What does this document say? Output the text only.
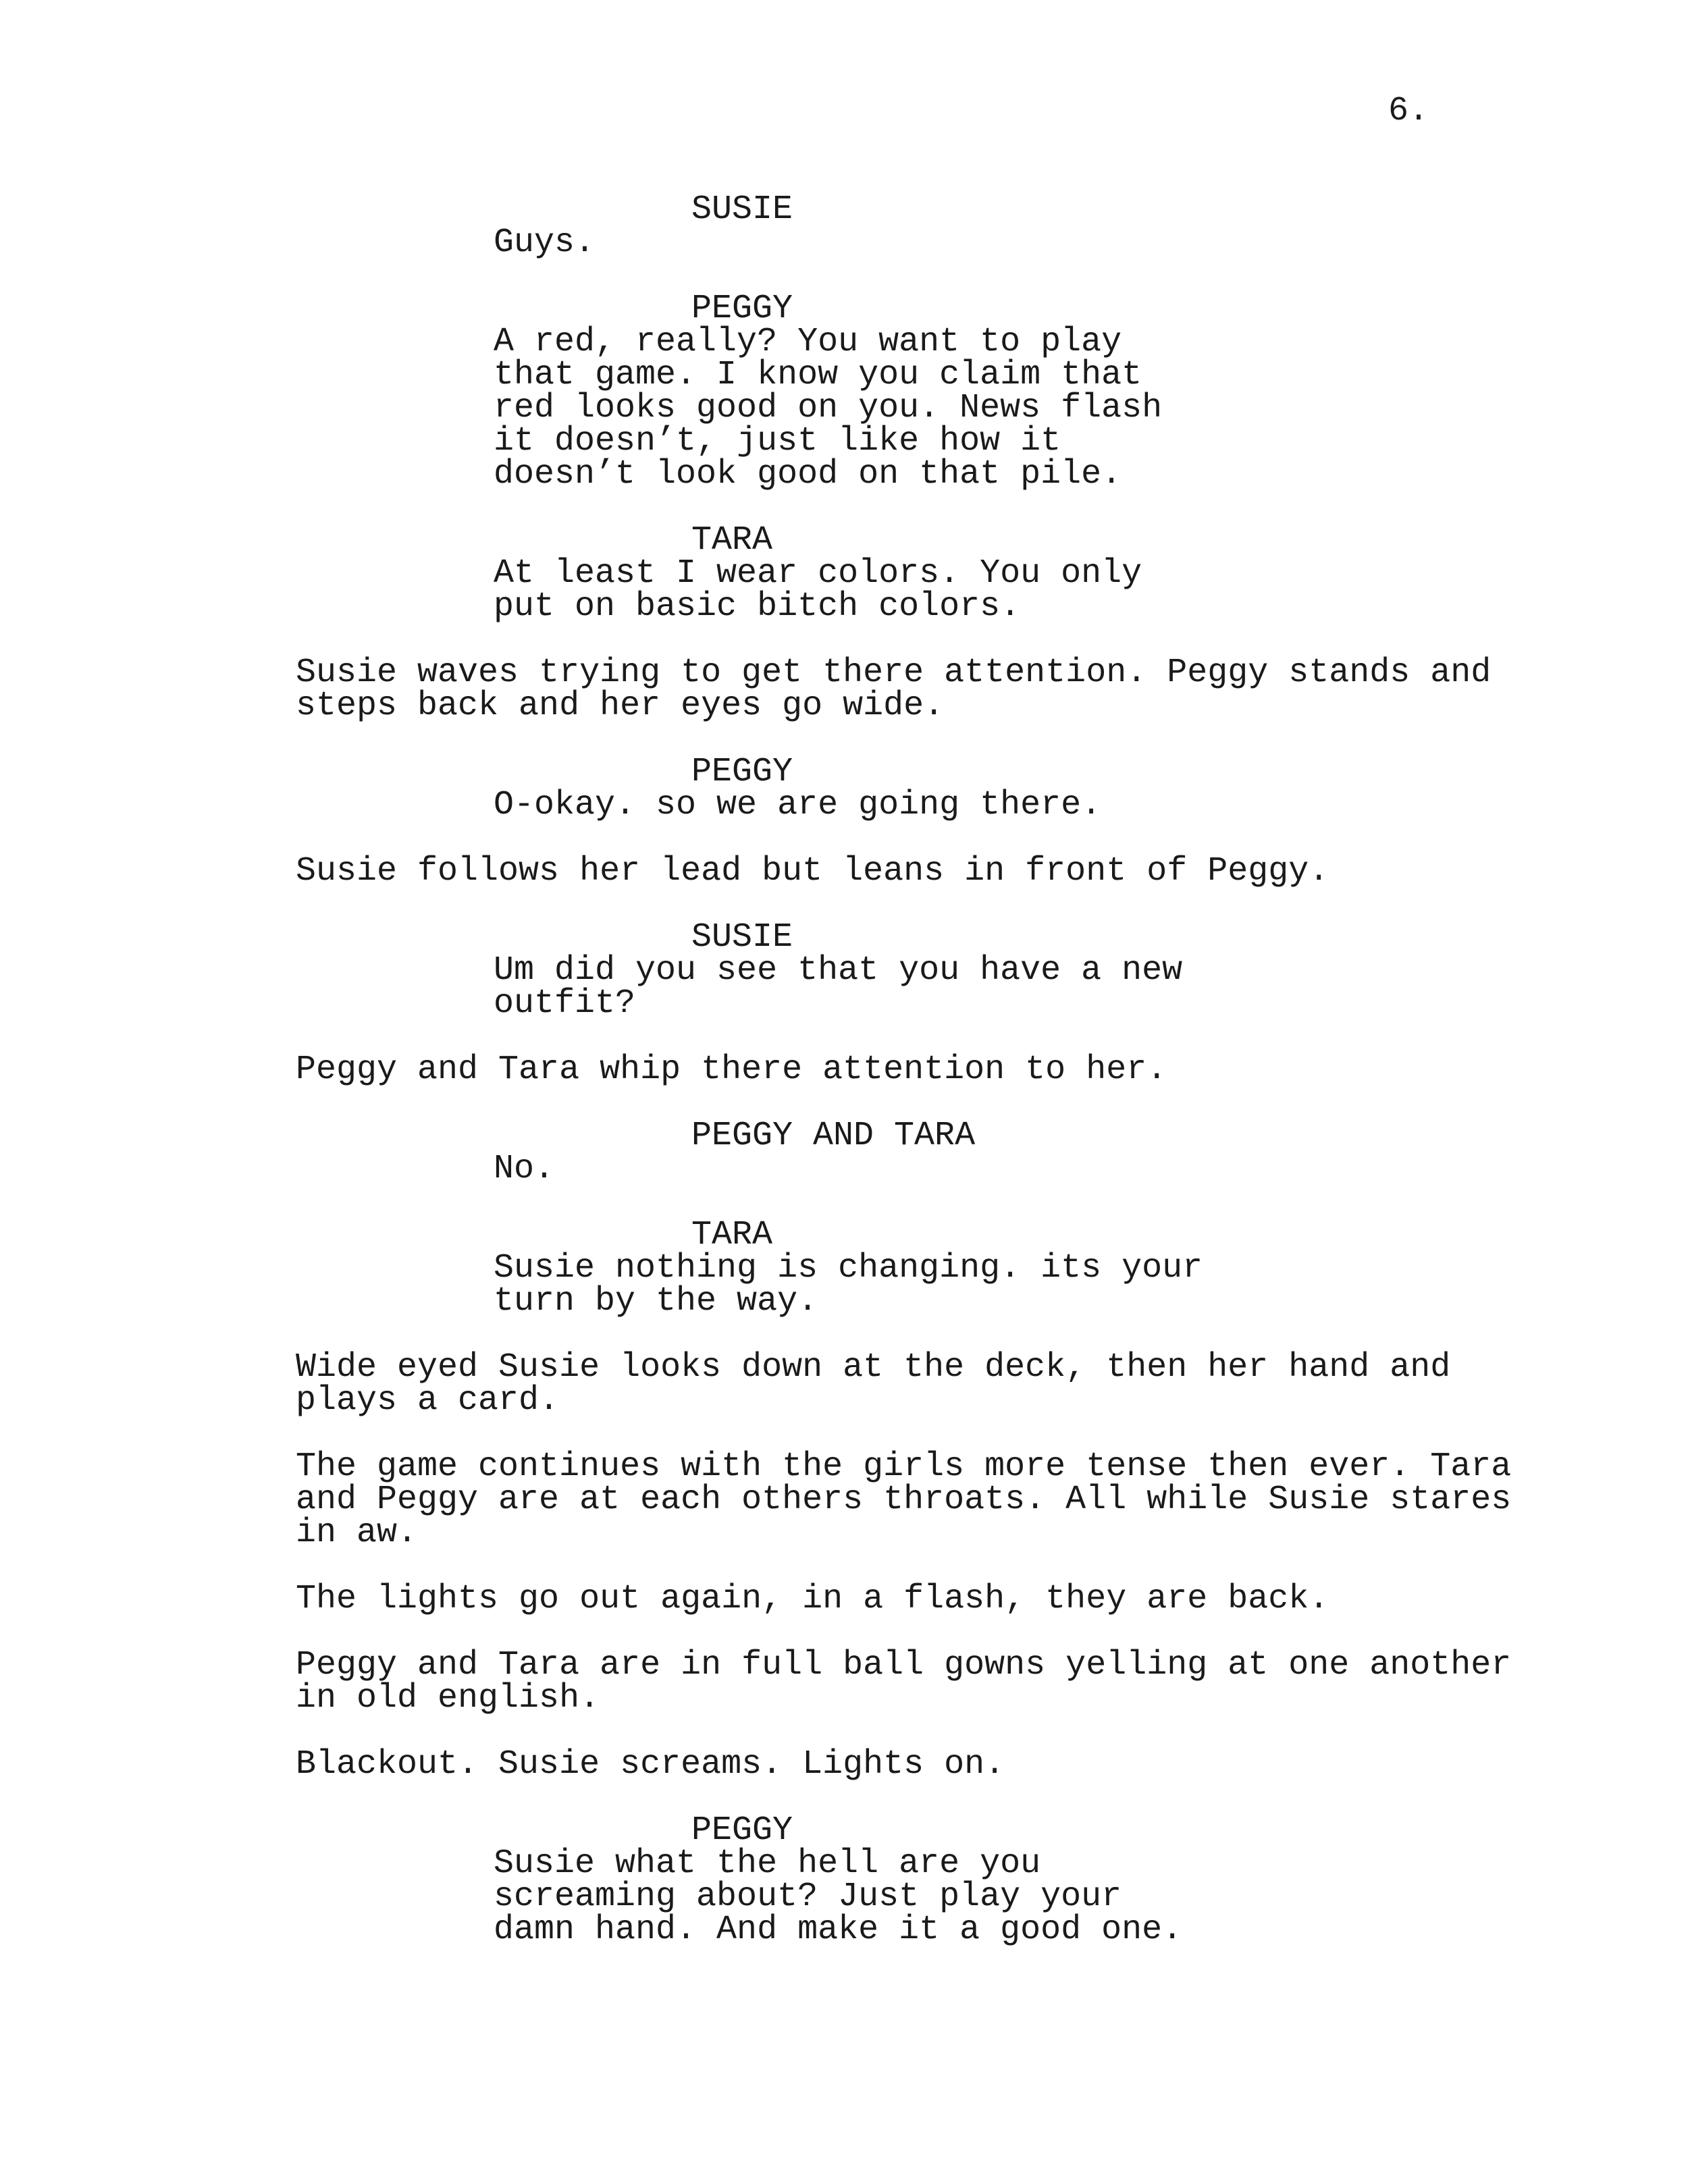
6.
SUSIE
Guys.
PEGGY
A red, really? You want to play
that game. I know you claim that
red looks good on you. News flash
it doesn’t, just like how it
doesn’t look good on that pile.
TARA
At least I wear colors. You only
put on basic bitch colors.
Susie waves trying to get there attention. Peggy stands and
steps back and her eyes go wide.
PEGGY
O-okay. so we are going there.
Susie follows her lead but leans in front of Peggy.
SUSIE
Um did you see that you have a new
outfit?
Peggy and Tara whip there attention to her.
PEGGY AND TARA
No.
TARA
Susie nothing is changing. its your
turn by the way.
Wide eyed Susie looks down at the deck, then her hand and
plays a card.
The game continues with the girls more tense then ever. Tara
and Peggy are at each others throats. All while Susie stares
in aw.
The lights go out again, in a flash, they are back.
Peggy and Tara are in full ball gowns yelling at one another
in old english.
Blackout. Susie screams. Lights on.
PEGGY
Susie what the hell are you
screaming about? Just play your
damn hand. And make it a good one.
